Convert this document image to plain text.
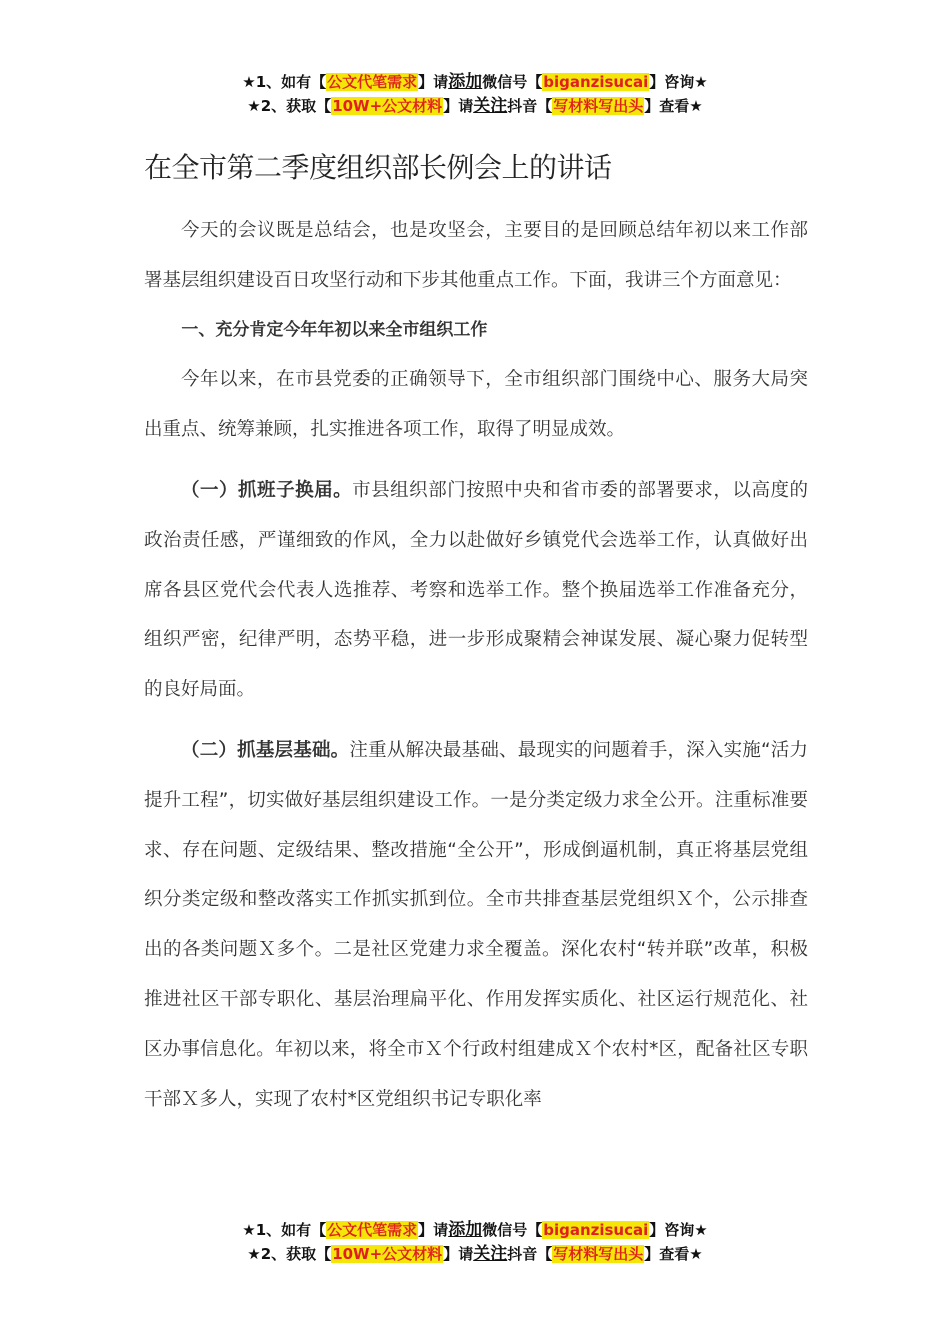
★1、如有【公文代笔需求】请添加微信号【biganzisucai】咨询★
★2、获取【10W+公文材料】请关注抖音【写材料写出头】查看★
在全市第二季度组织部长例会上的讲话

今天的会议既是总结会，也是攻坚会，主要目的是回顾总结年初以来工作部署基层组织建设百日攻坚行动和下步其他重点工作。下面，我讲三个方面意见：

一、充分肯定今年年初以来全市组织工作

今年以来，在市县党委的正确领导下，全市组织部门围绕中心、服务大局突出重点、统筹兼顾，扎实推进各项工作，取得了明显成效。

（一）抓班子换届。市县组织部门按照中央和省市委的部署要求，以高度的政治责任感，严谨细致的作风，全力以赴做好乡镇党代会选举工作，认真做好出席各县区党代会代表人选推荐、考察和选举工作。整个换届选举工作准备充分，组织严密，纪律严明，态势平稳，进一步形成聚精会神谋发展、凝心聚力促转型的良好局面。

（二）抓基层基础。注重从解决最基础、最现实的问题着手，深入实施“活力提升工程”，切实做好基层组织建设工作。一是分类定级力求全公开。注重标准要求、存在问题、定级结果、整改措施“全公开”，形成倒逼机制，真正将基层党组织分类定级和整改落实工作抓实抓到位。全市共排查基层党组织Ｘ个，公示排查出的各类问题Ｘ多个。二是社区党建力求全覆盖。深化农村“转并联”改革，积极推进社区干部专职化、基层治理扁平化、作用发挥实质化、社区运行规范化、社区办事信息化。年初以来，将全市Ｘ个行政村组建成Ｘ个农村*区，配备社区专职干部Ｘ多人，实现了农村*区党组织书记专职化率

★1、如有【公文代笔需求】请添加微信号【biganzisucai】咨询★
★2、获取【10W+公文材料】请关注抖音【写材料写出头】查看★
